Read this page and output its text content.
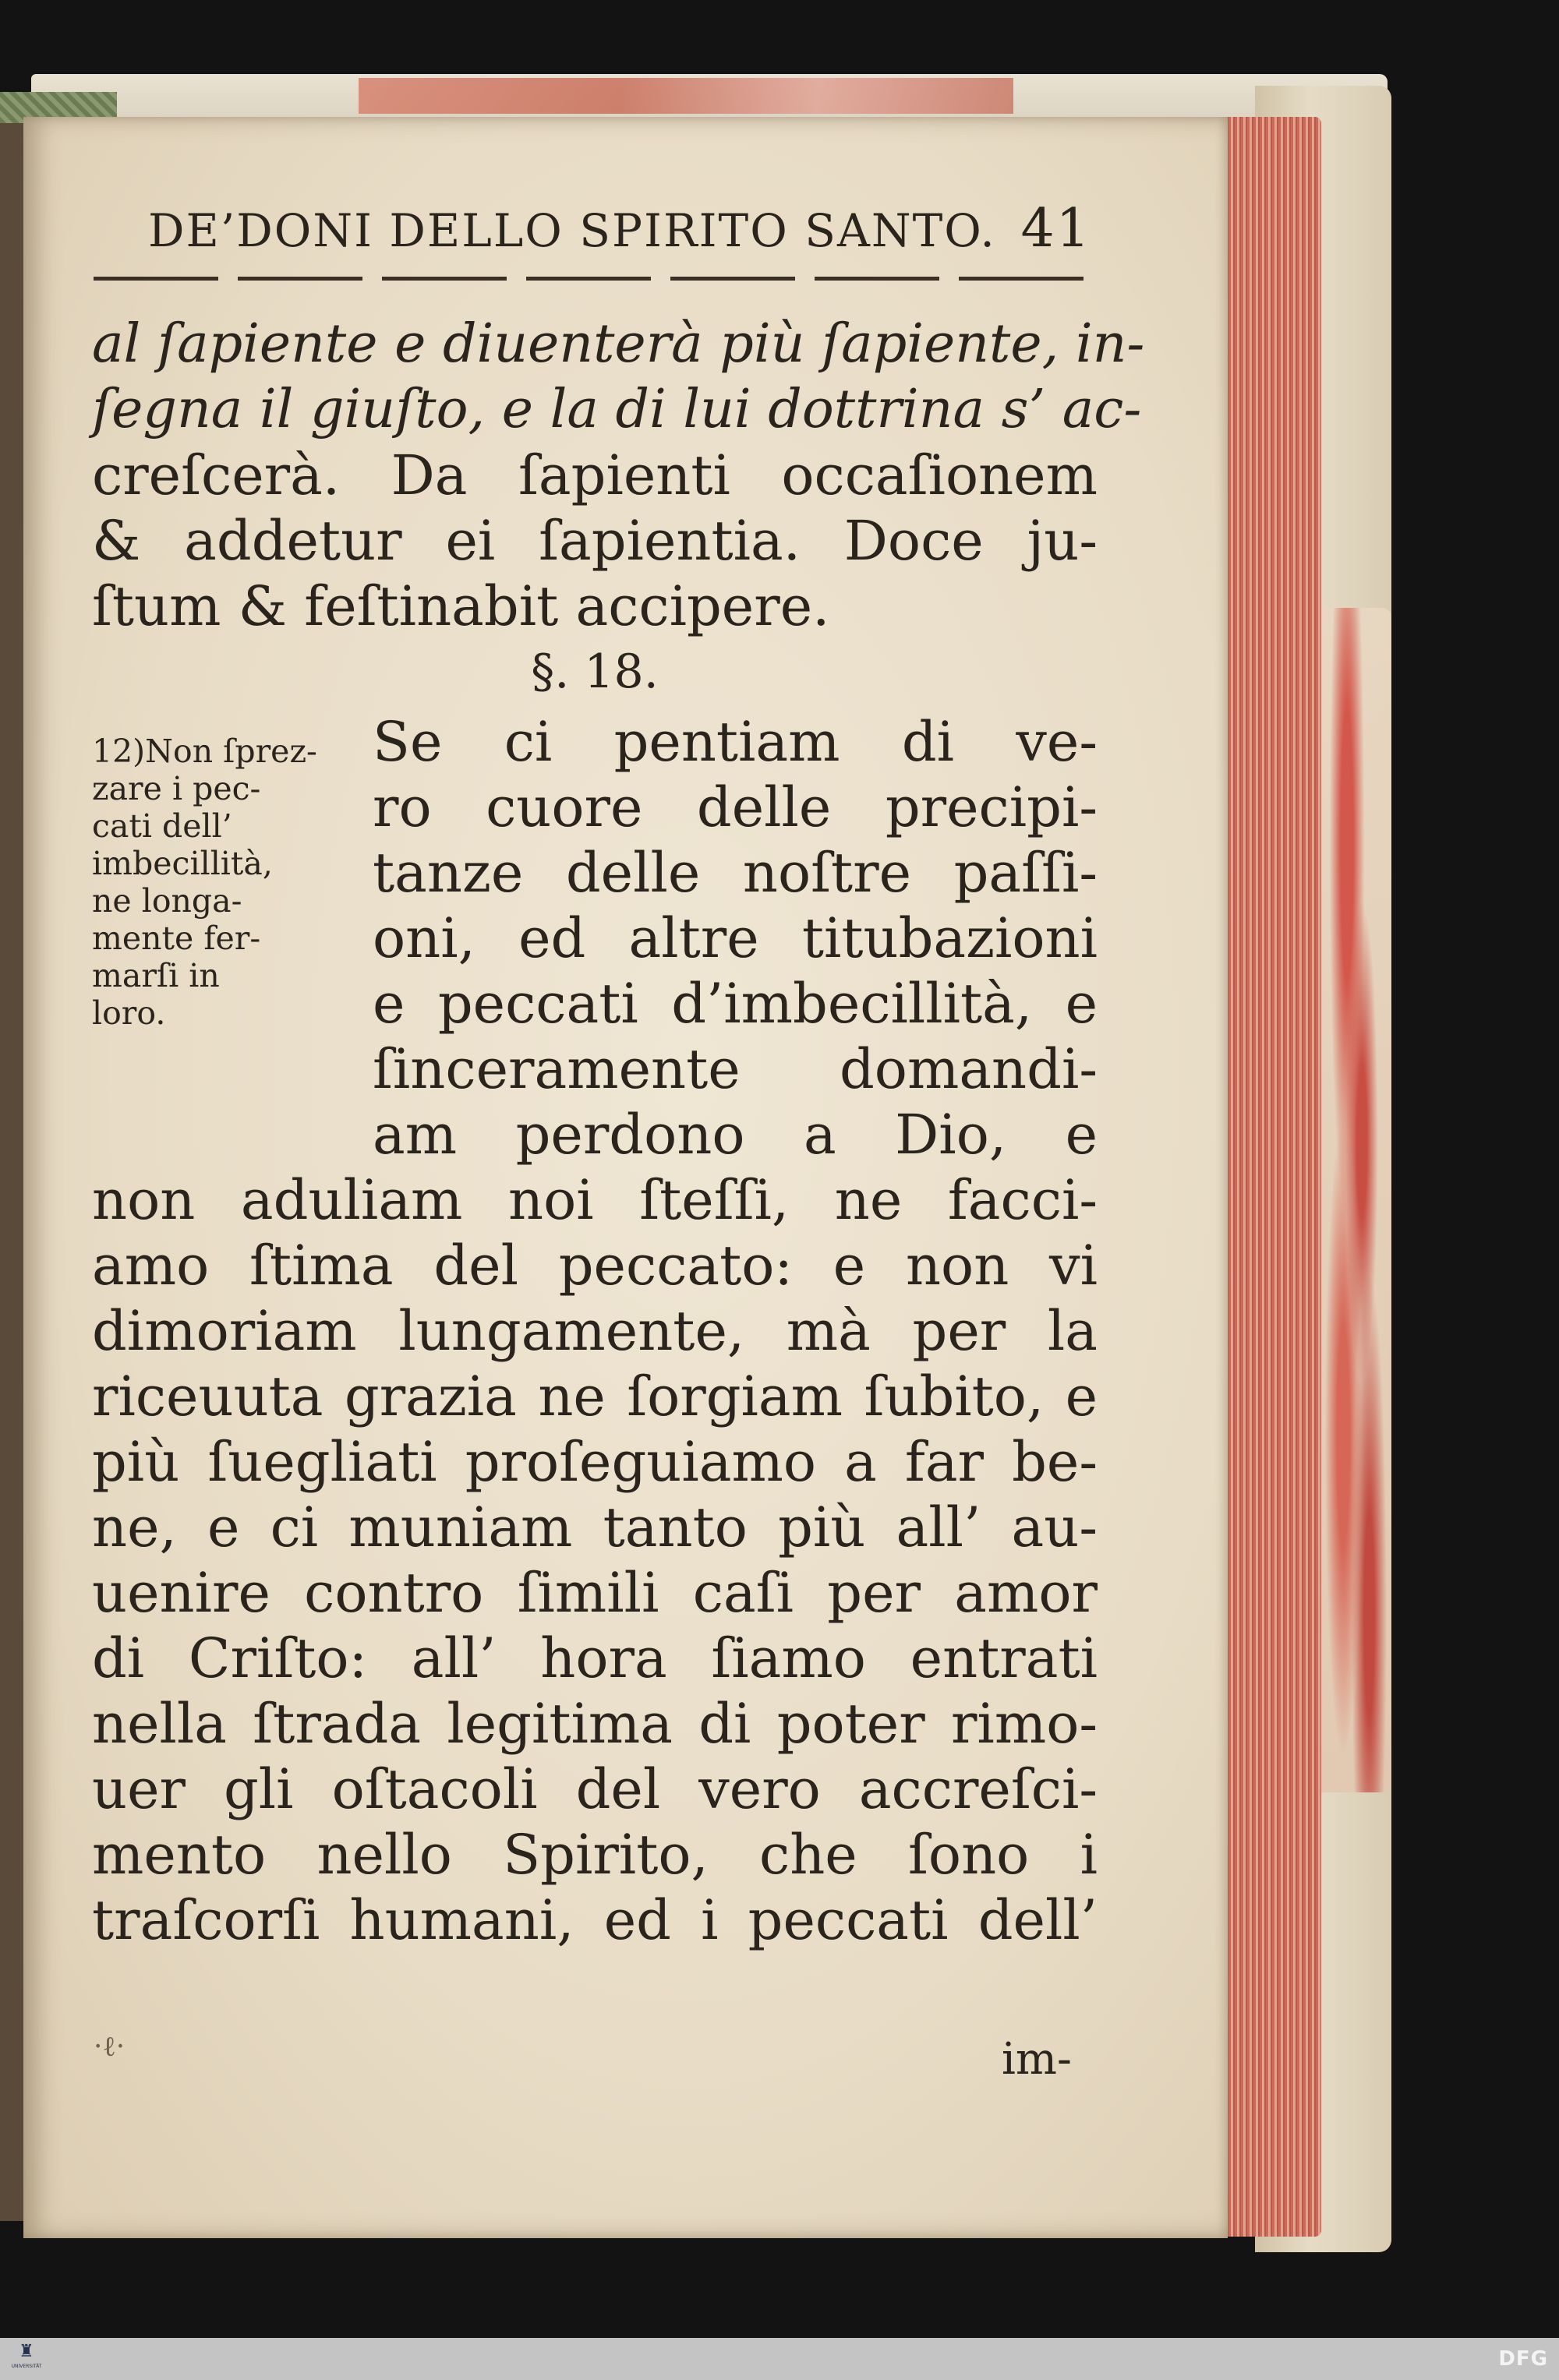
DE’DONI DELLO SPIRITO SANTO. 41
al ſapiente e diuenterà più ſapiente, in-
ſegna il giuſto, e la di lui dottrina s’ ac-
creſcerà. Da ſapienti occaſionem
& addetur ei ſapientia. Doce ju-
ſtum & feſtinabit accipere.
§. 18.
Se ci pentiam di ve-
ro cuore delle precipi-
tanze delle noſtre paſſi-
oni, ed altre titubazioni
e peccati d’imbecillità, e
ſinceramente domandi-
am perdono a Dio, e
non aduliam noi ſteſſi, ne facci-
amo ſtima del peccato: e non vi
dimoriam lungamente, mà per la
riceuuta grazia ne ſorgiam ſubito, e
più ſuegliati proſeguiamo a far be-
ne, e ci muniam tanto più all’ au-
uenire contro ſimili caſi per amor
di Criſto: all’ hora ſiamo entrati
nella ſtrada legitima di poter rimo-
uer gli oſtacoli del vero accreſci-
mento nello Spirito, che ſono i
traſcorſi humani, ed i peccati dell’
12)Non ſprez-
zare i pec-
cati dell’
imbecillità,
ne longa-
mente fer-
marſi in
loro.
·ℓ·	im-
♜
UNIVERSITÄT	DFG
